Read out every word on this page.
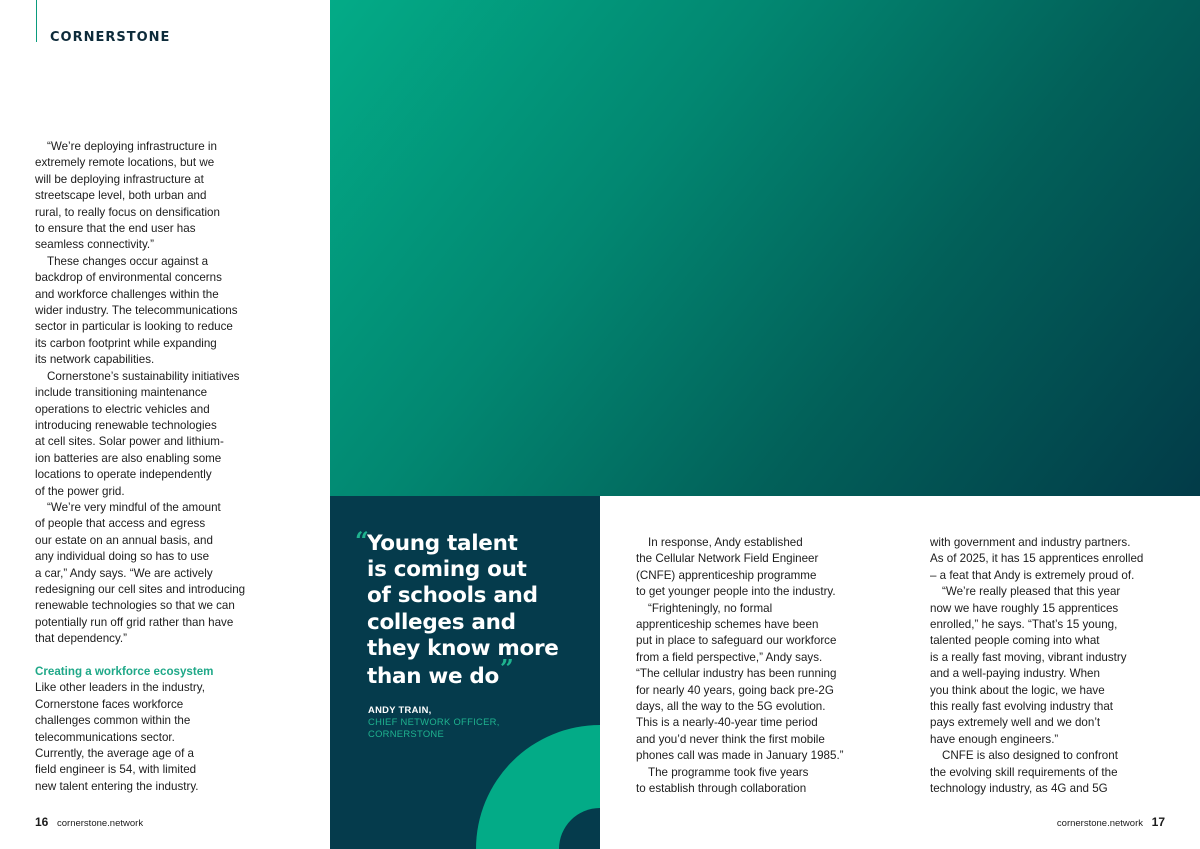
CORNERSTONE
“We’re deploying infrastructure in
extremely remote locations, but we
will be deploying infrastructure at
streetscape level, both urban and
rural, to really focus on densification
to ensure that the end user has
seamless connectivity.”
These changes occur against a
backdrop of environmental concerns
and workforce challenges within the
wider industry. The telecommunications
sector in particular is looking to reduce
its carbon footprint while expanding
its network capabilities.
Cornerstone’s sustainability initiatives
include transitioning maintenance
operations to electric vehicles and
introducing renewable technologies
at cell sites. Solar power and lithium-
ion batteries are also enabling some
locations to operate independently
of the power grid.
“We’re very mindful of the amount
of people that access and egress
our estate on an annual basis, and
any individual doing so has to use
a car,” Andy says. “We are actively
redesigning our cell sites and introducing
renewable technologies so that we can
potentially run off grid rather than have
that dependency.”
Creating a workforce ecosystem
Like other leaders in the industry,
Cornerstone faces workforce
challenges common within the
telecommunications sector.
Currently, the average age of a
field engineer is 54, with limited
new talent entering the industry.
“
Young talent
is coming out
of schools and
colleges and
they know more
than we do”
ANDY TRAIN,
CHIEF NETWORK OFFICER,
CORNERSTONE
In response, Andy established
the Cellular Network Field Engineer
(CNFE) apprenticeship programme
to get younger people into the industry.
“Frighteningly, no formal
apprenticeship schemes have been
put in place to safeguard our workforce
from a field perspective,” Andy says.
“The cellular industry has been running
for nearly 40 years, going back pre-2G
days, all the way to the 5G evolution.
This is a nearly-40-year time period
and you’d never think the first mobile
phones call was made in January 1985.”
The programme took five years
to establish through collaboration
with government and industry partners.
As of 2025, it has 15 apprentices enrolled
– a feat that Andy is extremely proud of.
“We’re really pleased that this year
now we have roughly 15 apprentices
enrolled,” he says. “That’s 15 young,
talented people coming into what
is a really fast moving, vibrant industry
and a well-paying industry. When
you think about the logic, we have
this really fast evolving industry that
pays extremely well and we don’t
have enough engineers.”
CNFE is also designed to confront
the evolving skill requirements of the
technology industry, as 4G and 5G
16 cornerstone.network	cornerstone.network 17
